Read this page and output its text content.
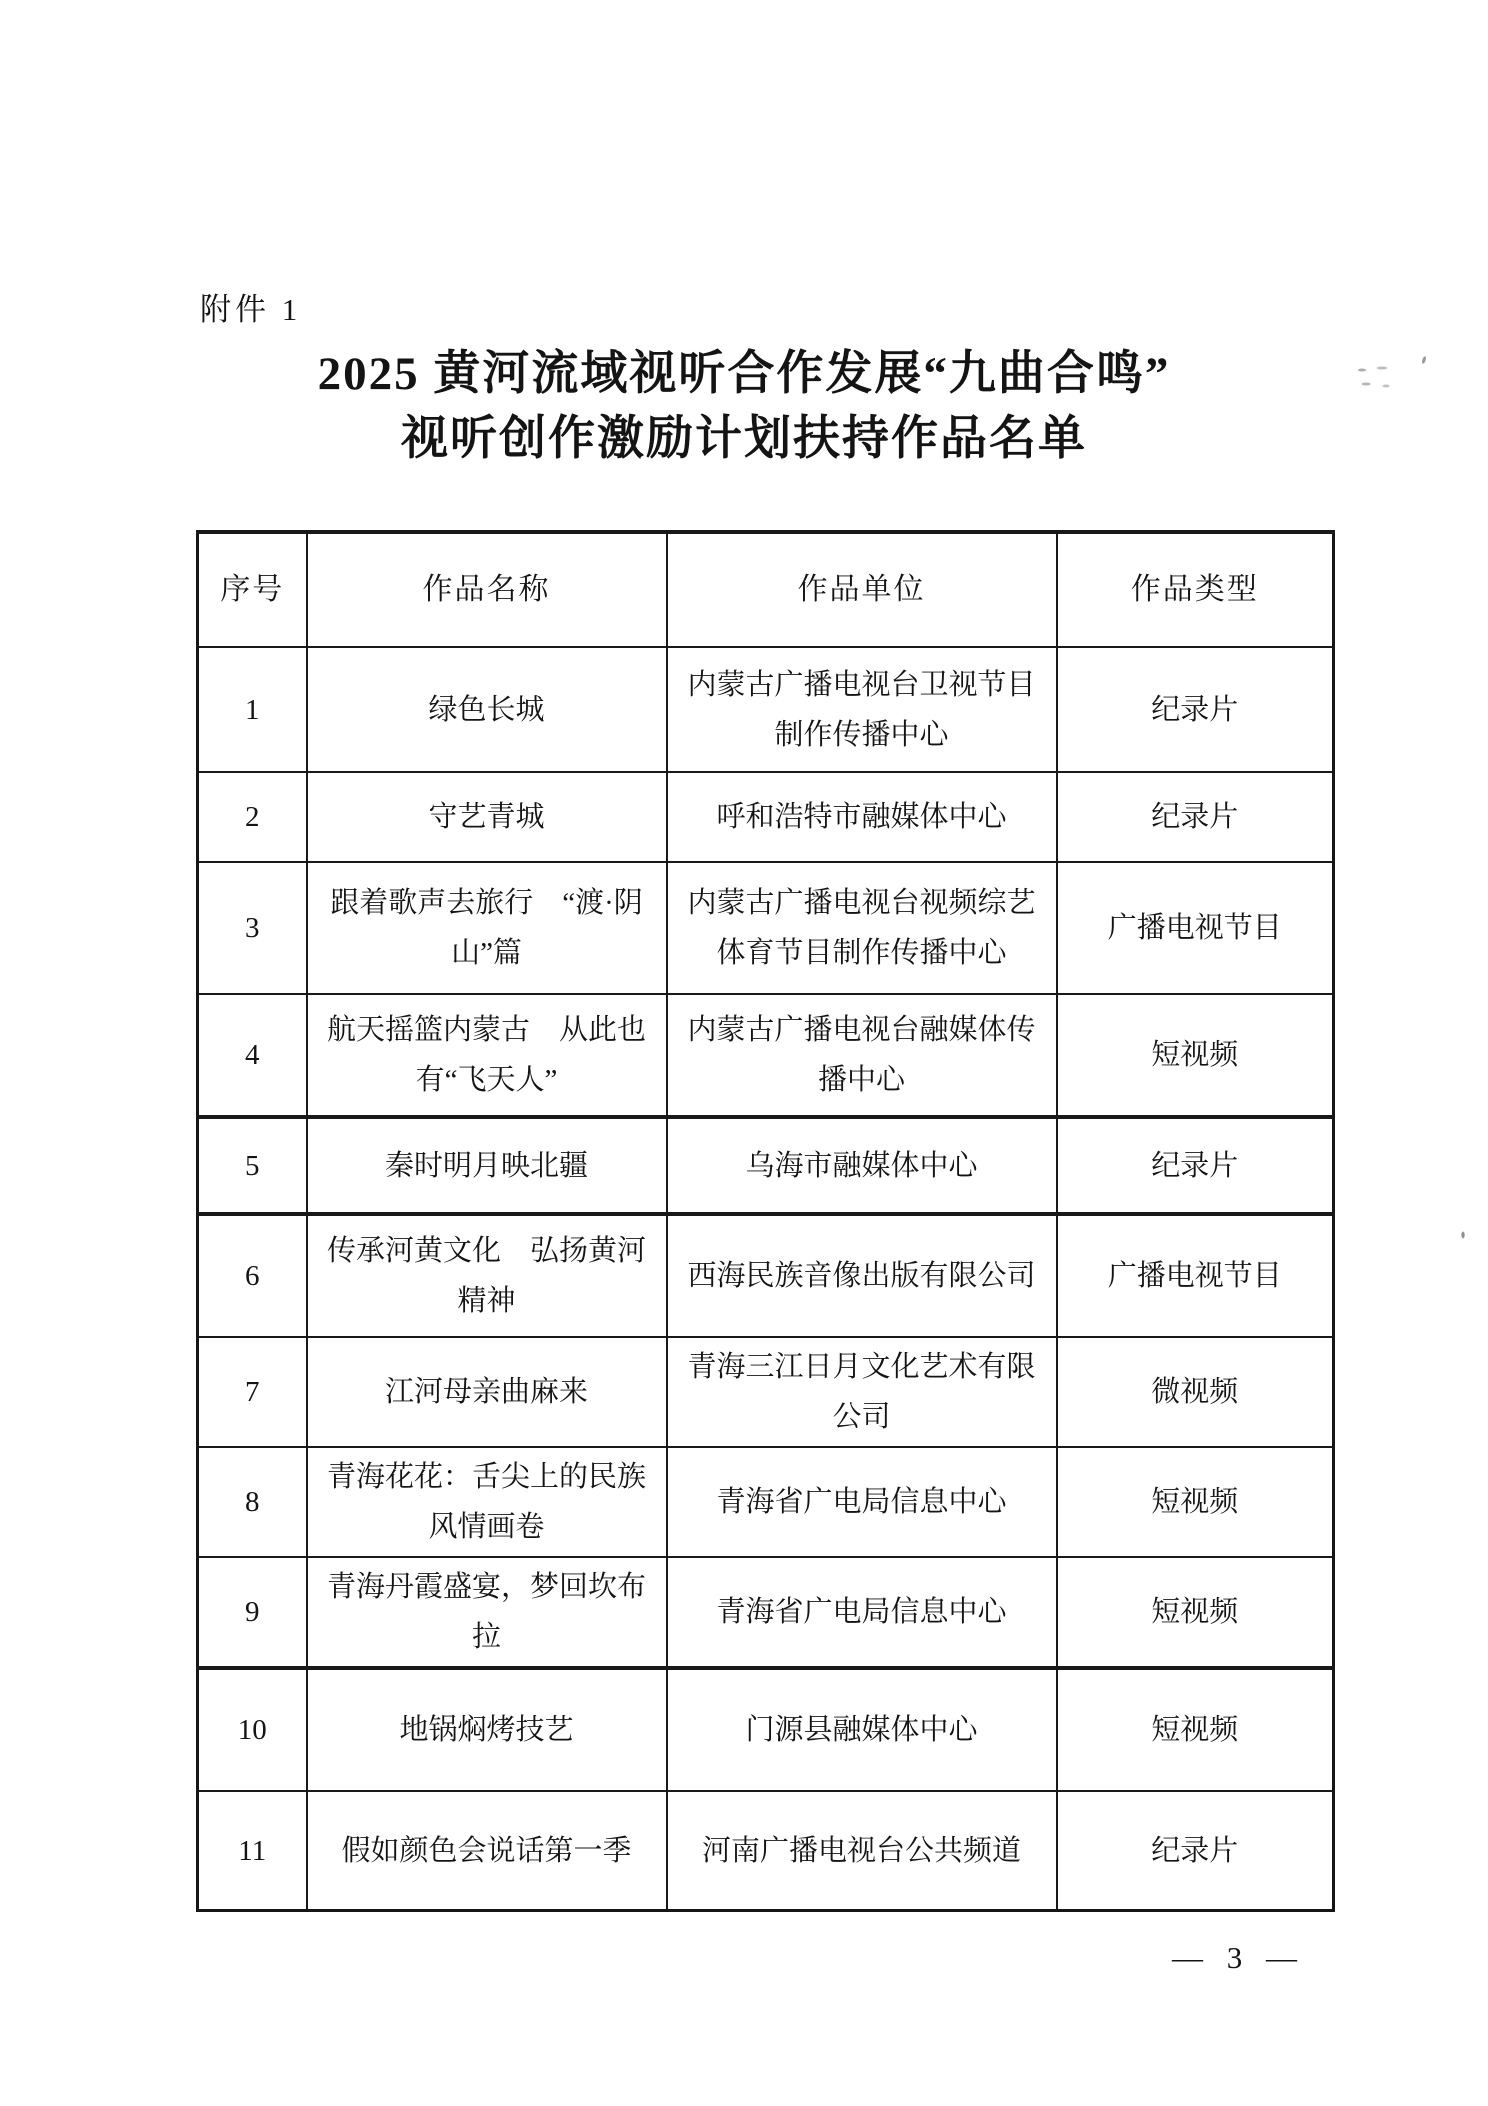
附件 1
2025 黄河流域视听合作发展“九曲合鸣”
视听创作激励计划扶持作品名单
序号	作品名称	作品单位	作品类型
1	绿色长城	内蒙古广播电视台卫视节目制作传播中心	纪录片
2	守艺青城	呼和浩特市融媒体中心	纪录片
3	跟着歌声去旅行　“渡·阴山”篇	内蒙古广播电视台视频综艺体育节目制作传播中心	广播电视节目
4	航天摇篮内蒙古　从此也有“飞天人”	内蒙古广播电视台融媒体传播中心	短视频
5	秦时明月映北疆	乌海市融媒体中心	纪录片
6	传承河黄文化　弘扬黄河精神	西海民族音像出版有限公司	广播电视节目
7	江河母亲曲麻来	青海三江日月文化艺术有限公司	微视频
8	青海花花：舌尖上的民族风情画卷	青海省广电局信息中心	短视频
9	青海丹霞盛宴，梦回坎布拉	青海省广电局信息中心	短视频
10	地锅焖烤技艺	门源县融媒体中心	短视频
11	假如颜色会说话第一季	河南广播电视台公共频道	纪录片
— 3 —
